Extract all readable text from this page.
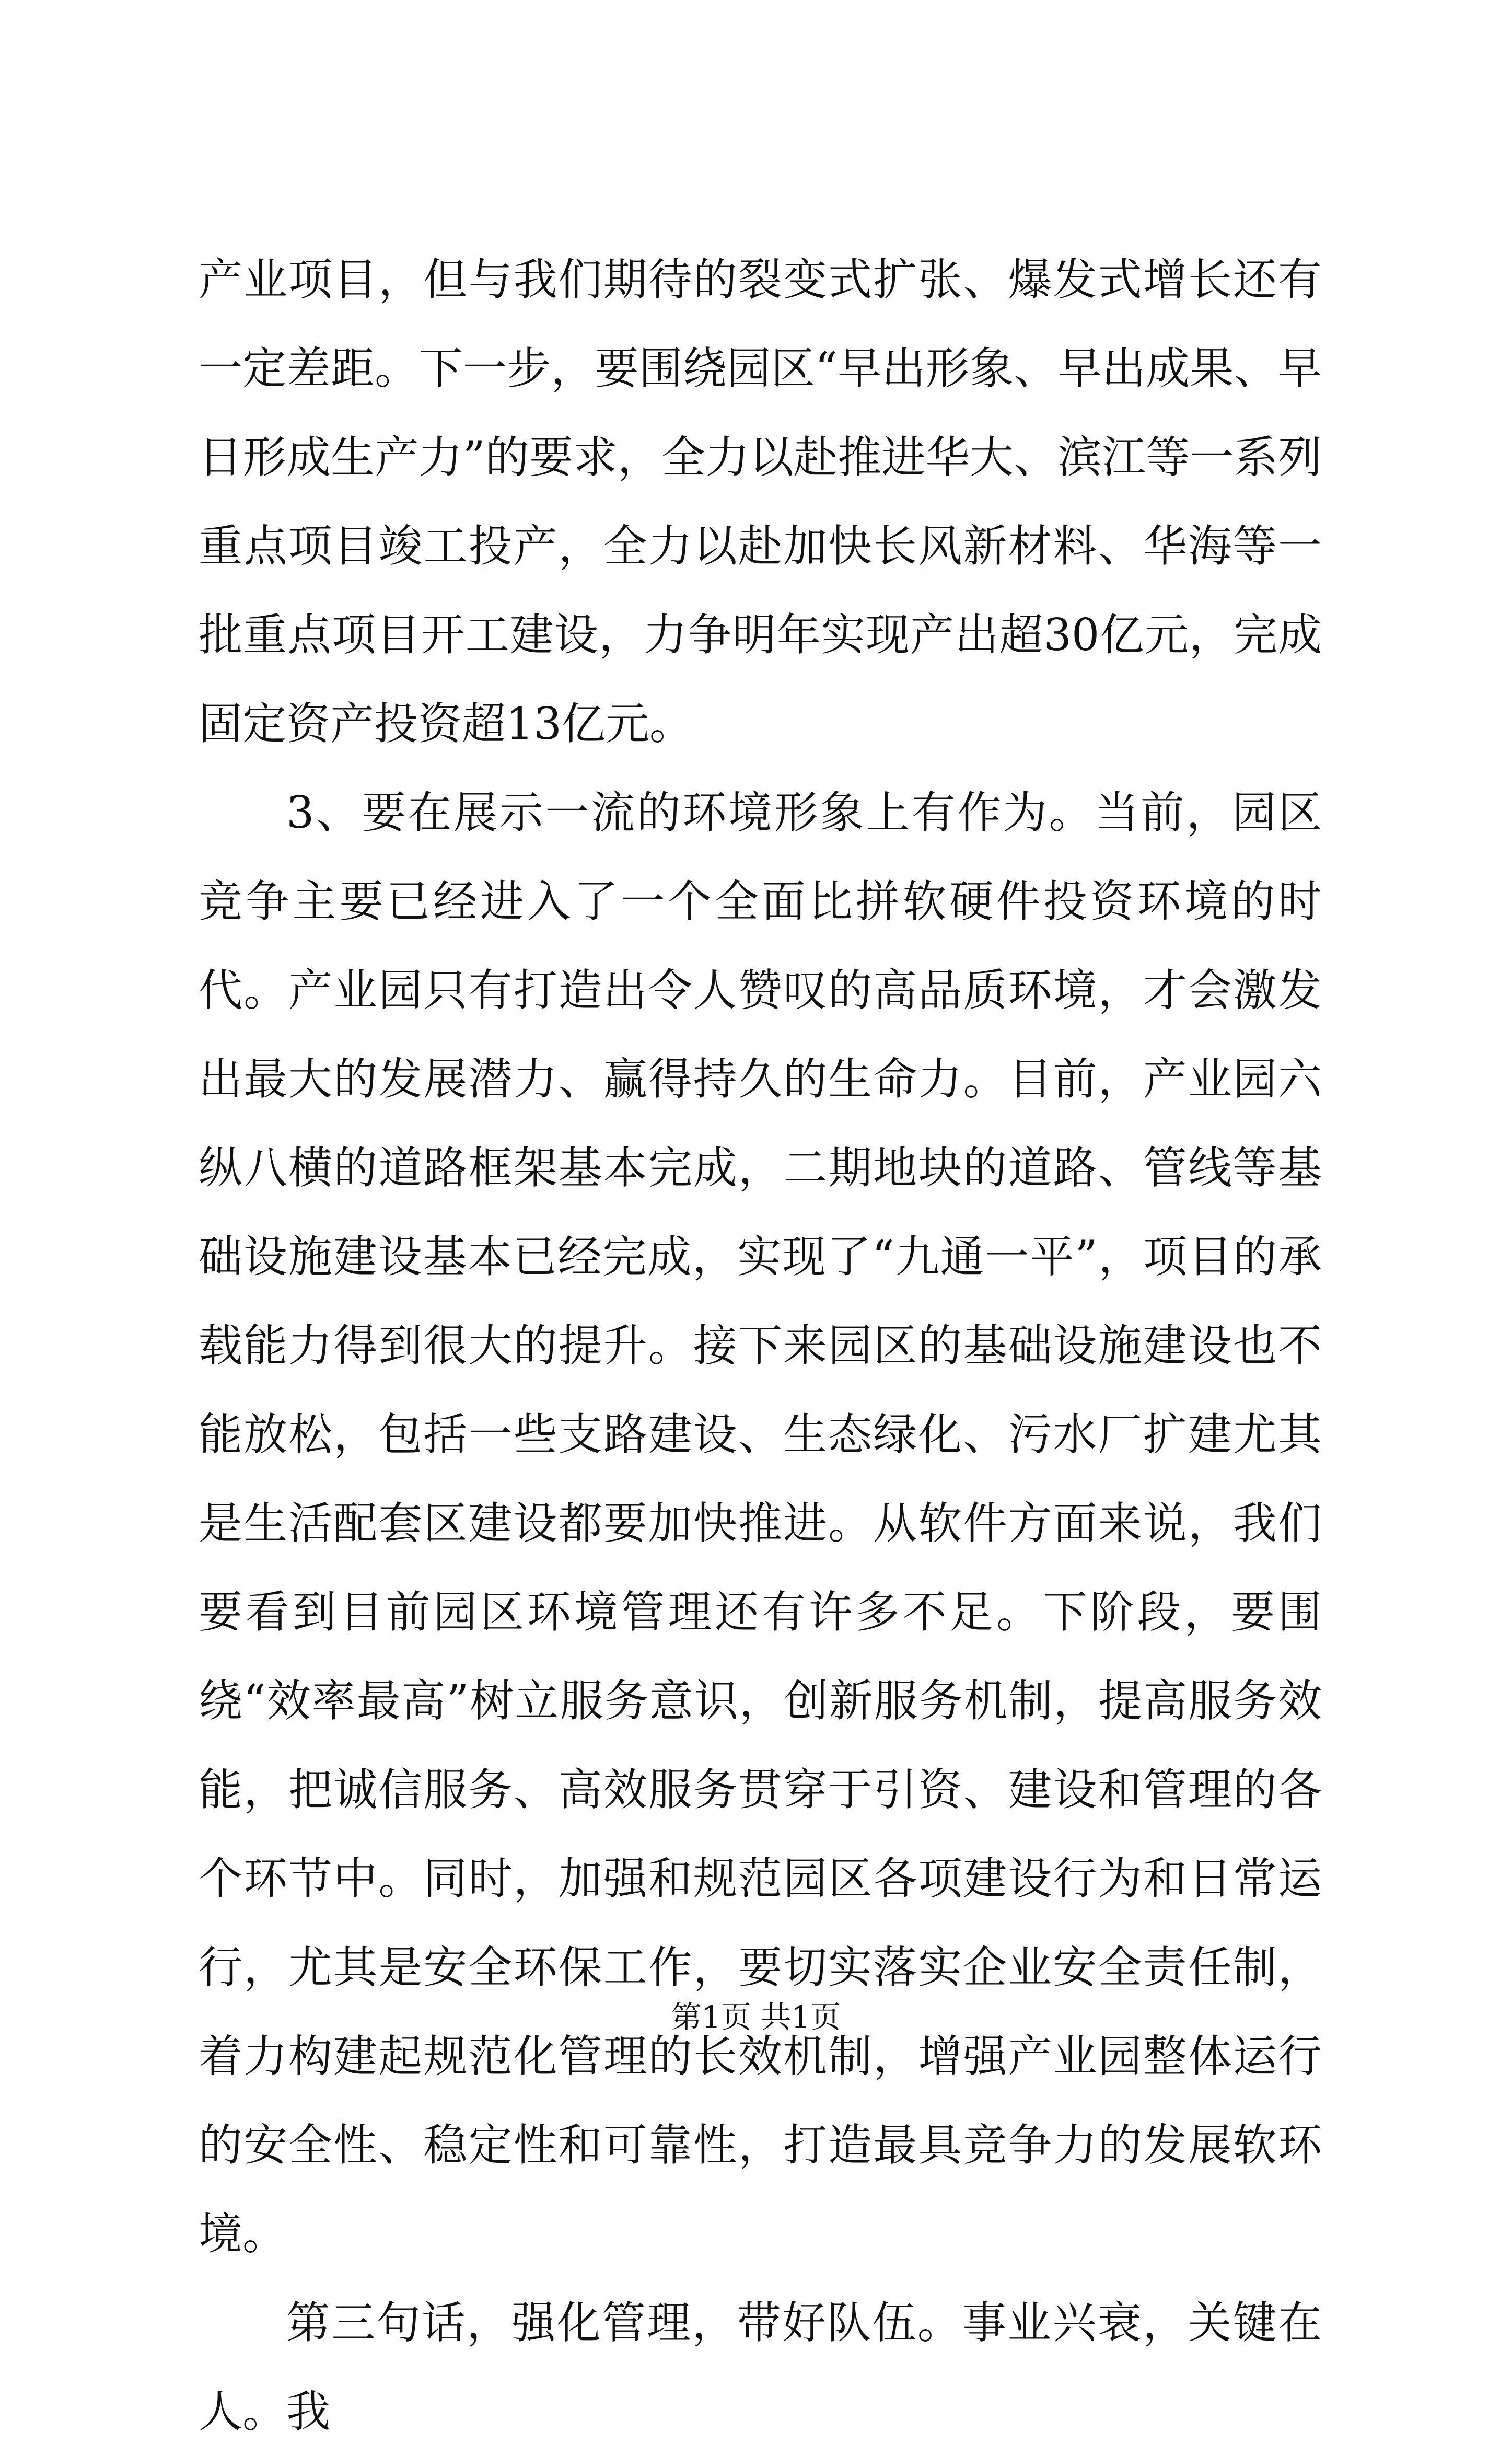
产业项目，但与我们期待的裂变式扩张、爆发式增长还有一定差距。下一步，要围绕园区“早出形象、早出成果、早日形成生产力”的要求，全力以赴推进华大、滨江等一系列重点项目竣工投产，全力以赴加快长风新材料、华海等一批重点项目开工建设，力争明年实现产出超30亿元，完成固定资产投资超13亿元。

3、要在展示一流的环境形象上有作为。当前，园区竞争主要已经进入了一个全面比拼软硬件投资环境的时代。产业园只有打造出令人赞叹的高品质环境，才会激发出最大的发展潜力、赢得持久的生命力。目前，产业园六纵八横的道路框架基本完成，二期地块的道路、管线等基础设施建设基本已经完成，实现了“九通一平”，项目的承载能力得到很大的提升。接下来园区的基础设施建设也不能放松，包括一些支路建设、生态绿化、污水厂扩建尤其是生活配套区建设都要加快推进。从软件方面来说，我们要看到目前园区环境管理还有许多不足。下阶段，要围绕“效率最高”树立服务意识，创新服务机制，提高服务效能，把诚信服务、高效服务贯穿于引资、建设和管理的各个环节中。同时，加强和规范园区各项建设行为和日常运行，尤其是安全环保工作，要切实落实企业安全责任制，着力构建起规范化管理的长效机制，增强产业园整体运行的安全性、稳定性和可靠性，打造最具竞争力的发展软环境。

第三句话，强化管理，带好队伍。事业兴衰，关键在人。我

第1页 共1页
